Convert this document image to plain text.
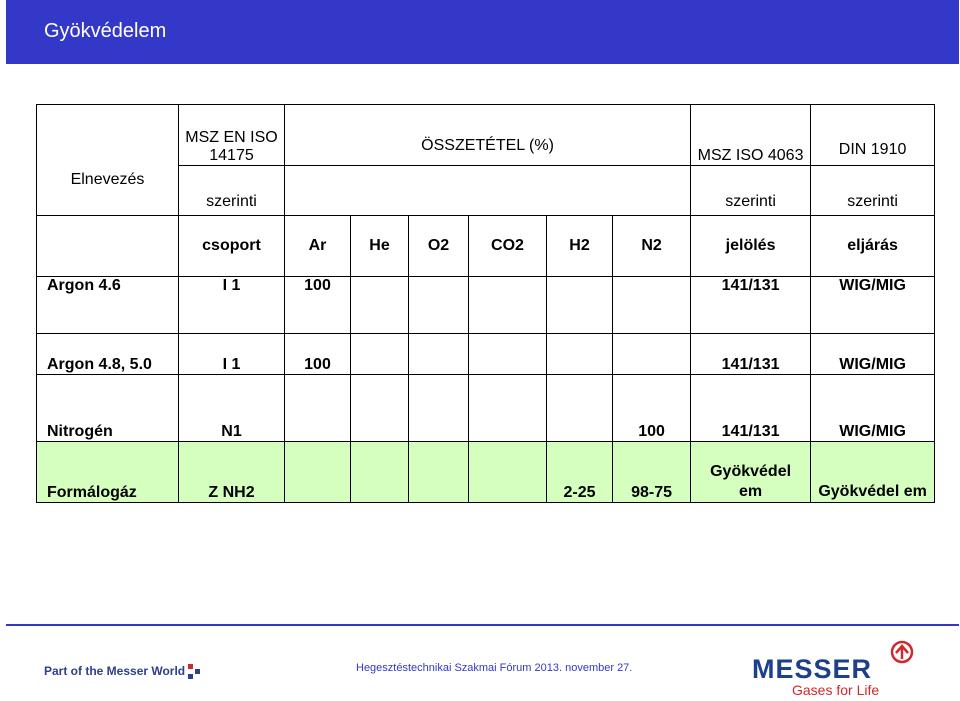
Gyökvédelem
Elnevezés	MSZ EN ISO 14175	ÖSSZETÉTEL (%)						MSZ ISO 4063	DIN 1910
	szerinti							szerinti	szerinti
	csoport	Ar	He	O2	CO2	H2	N2	jelölés	eljárás
Argon 4.6	I 1	100						141/131	WIG/MIG
Argon 4.8, 5.0	I 1	100						141/131	WIG/MIG
Nitrogén	N1						100	141/131	WIG/MIG
Formálogáz	Z NH2					2-25	98-75	Gyökvédel em	Gyökvédel em
Part of the Messer World	Hegesztéstechnikai Szakmai Fórum 2013. november 27.	MESSER
Gases for Life
